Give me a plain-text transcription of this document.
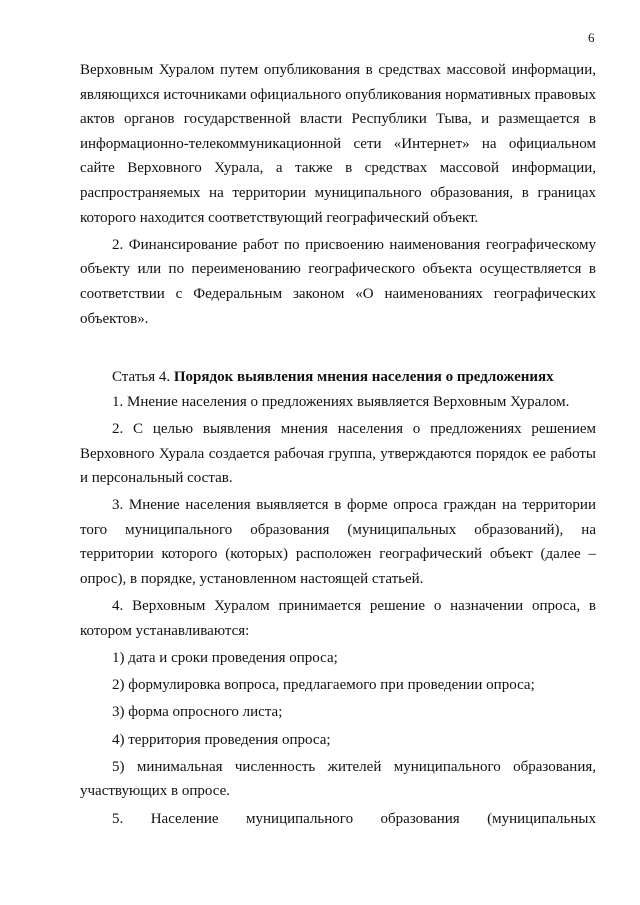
6

Верховным Хуралом путем опубликования в средствах массовой информации, являющихся источниками официального опубликования нормативных правовых актов органов государственной власти Республики Тыва, и размещается в информационно-телекоммуникационной сети «Интернет» на официальном сайте Верховного Хурала, а также в средствах массовой информации, распространяемых на территории муниципального образования, в границах которого находится соответствующий географический объект.

2. Финансирование работ по присвоению наименования географическому объекту или по переименованию географического объекта осуществляется в соответствии с Федеральным законом «О наименованиях географических объектов».

Статья 4. Порядок выявления мнения населения о предложениях

1. Мнение населения о предложениях выявляется Верховным Хуралом.

2. С целью выявления мнения населения о предложениях решением Верховного Хурала создается рабочая группа, утверждаются порядок ее работы и персональный состав.

3. Мнение населения выявляется в форме опроса граждан на территории того муниципального образования (муниципальных образований), на территории которого (которых) расположен географический объект (далее – опрос), в порядке, установленном настоящей статьей.

4. Верховным Хуралом принимается решение о назначении опроса, в котором устанавливаются:

1) дата и сроки проведения опроса;

2) формулировка вопроса, предлагаемого при проведении опроса;

3) форма опросного листа;

4) территория проведения опроса;

5) минимальная численность жителей муниципального образования, участвующих в опросе.

5. Население муниципального образования (муниципальных
